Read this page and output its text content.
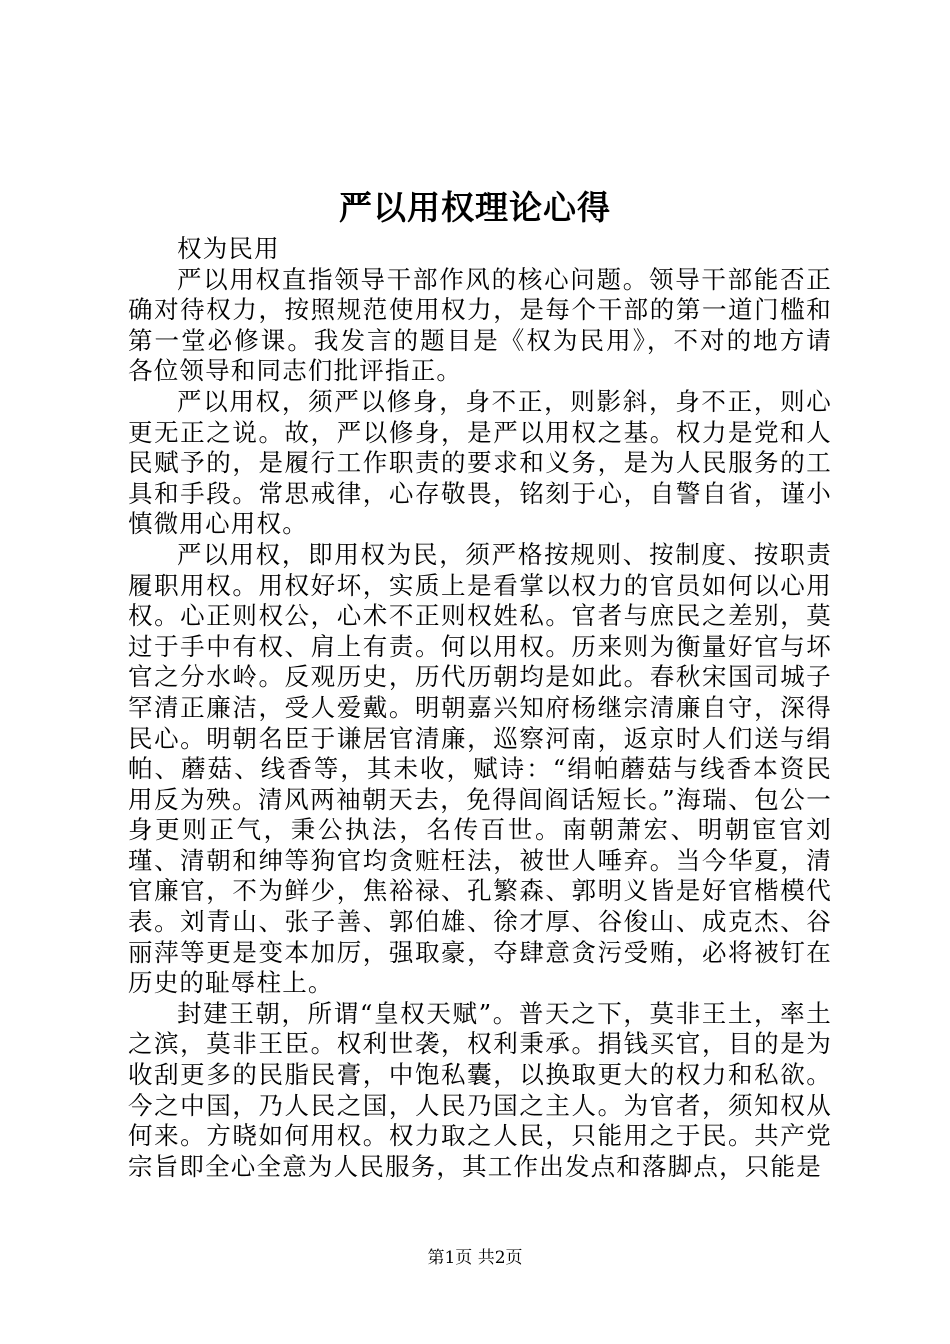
严以用权理论心得

权为民用

严以用权直指领导干部作风的核心问题。领导干部能否正确对待权力，按照规范使用权力，是每个干部的第一道门槛和第一堂必修课。我发言的题目是《权为民用》，不对的地方请各位领导和同志们批评指正。

严以用权，须严以修身，身不正，则影斜，身不正，则心更无正之说。故，严以修身，是严以用权之基。权力是党和人民赋予的，是履行工作职责的要求和义务，是为人民服务的工具和手段。常思戒律，心存敬畏，铭刻于心，自警自省，谨小慎微用心用权。

严以用权，即用权为民，须严格按规则、按制度、按职责履职用权。用权好坏，实质上是看掌以权力的官员如何以心用权。心正则权公，心术不正则权姓私。官者与庶民之差别，莫过于手中有权、肩上有责。何以用权。历来则为衡量好官与坏官之分水岭。反观历史，历代历朝均是如此。春秋宋国司城子罕清正廉洁，受人爱戴。明朝嘉兴知府杨继宗清廉自守，深得民心。明朝名臣于谦居官清廉，巡察河南，返京时人们送与绢帕、蘑菇、线香等，其未收，赋诗：“绢帕蘑菇与线香本资民用反为殃。清风两袖朝天去，免得闾阎话短长。”海瑞、包公一身更则正气，秉公执法，名传百世。南朝萧宏、明朝宦官刘瑾、清朝和绅等狗官均贪赃枉法，被世人唾弃。当今华夏，清官廉官，不为鲜少，焦裕禄、孔繁森、郭明义皆是好官楷模代表。刘青山、张子善、郭伯雄、徐才厚、谷俊山、成克杰、谷丽萍等更是变本加厉，强取豪，夺肆意贪污受贿，必将被钉在历史的耻辱柱上。

封建王朝，所谓“皇权天赋”。普天之下，莫非王土，率土之滨，莫非王臣。权利世袭，权利秉承。捐钱买官，目的是为收刮更多的民脂民膏，中饱私囊，以换取更大的权力和私欲。今之中国，乃人民之国，人民乃国之主人。为官者，须知权从何来。方晓如何用权。权力取之人民，只能用之于民。共产党宗旨即全心全意为人民服务，其工作出发点和落脚点，只能是

第1页 共2页
